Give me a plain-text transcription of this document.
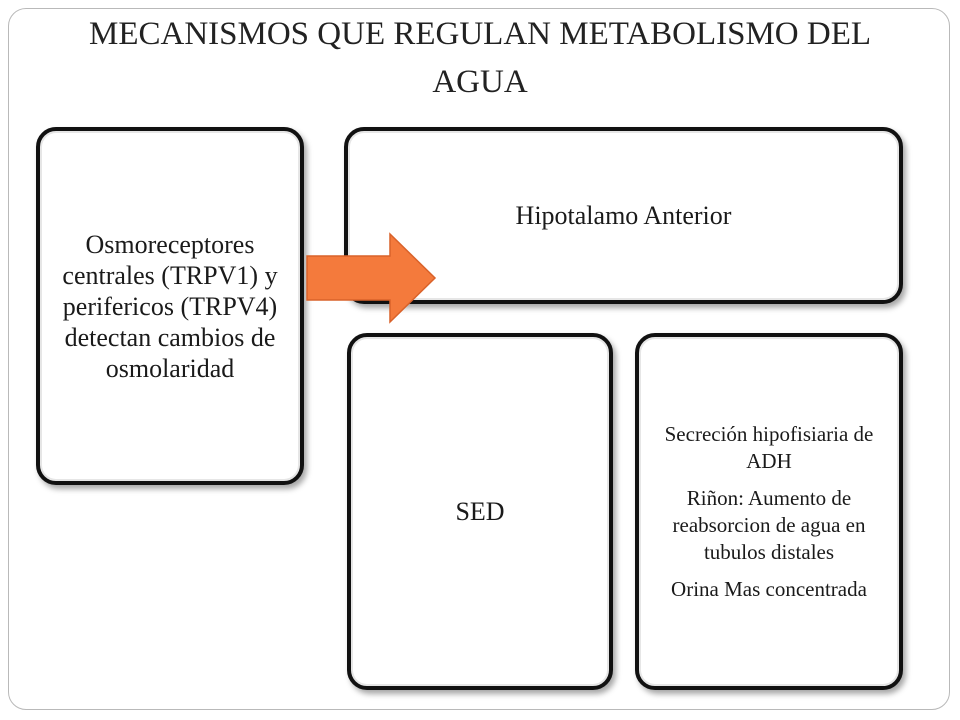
MECANISMOS QUE REGULAN METABOLISMO DEL AGUA
Osmoreceptores centrales (TRPV1) y perifericos (TRPV4) detectan cambios de osmolaridad
Hipotalamo Anterior
SED

Secreción hipofisiaria de ADH

Riñon: Aumento de reabsorcion de agua en tubulos distales

Orina Mas concentrada
